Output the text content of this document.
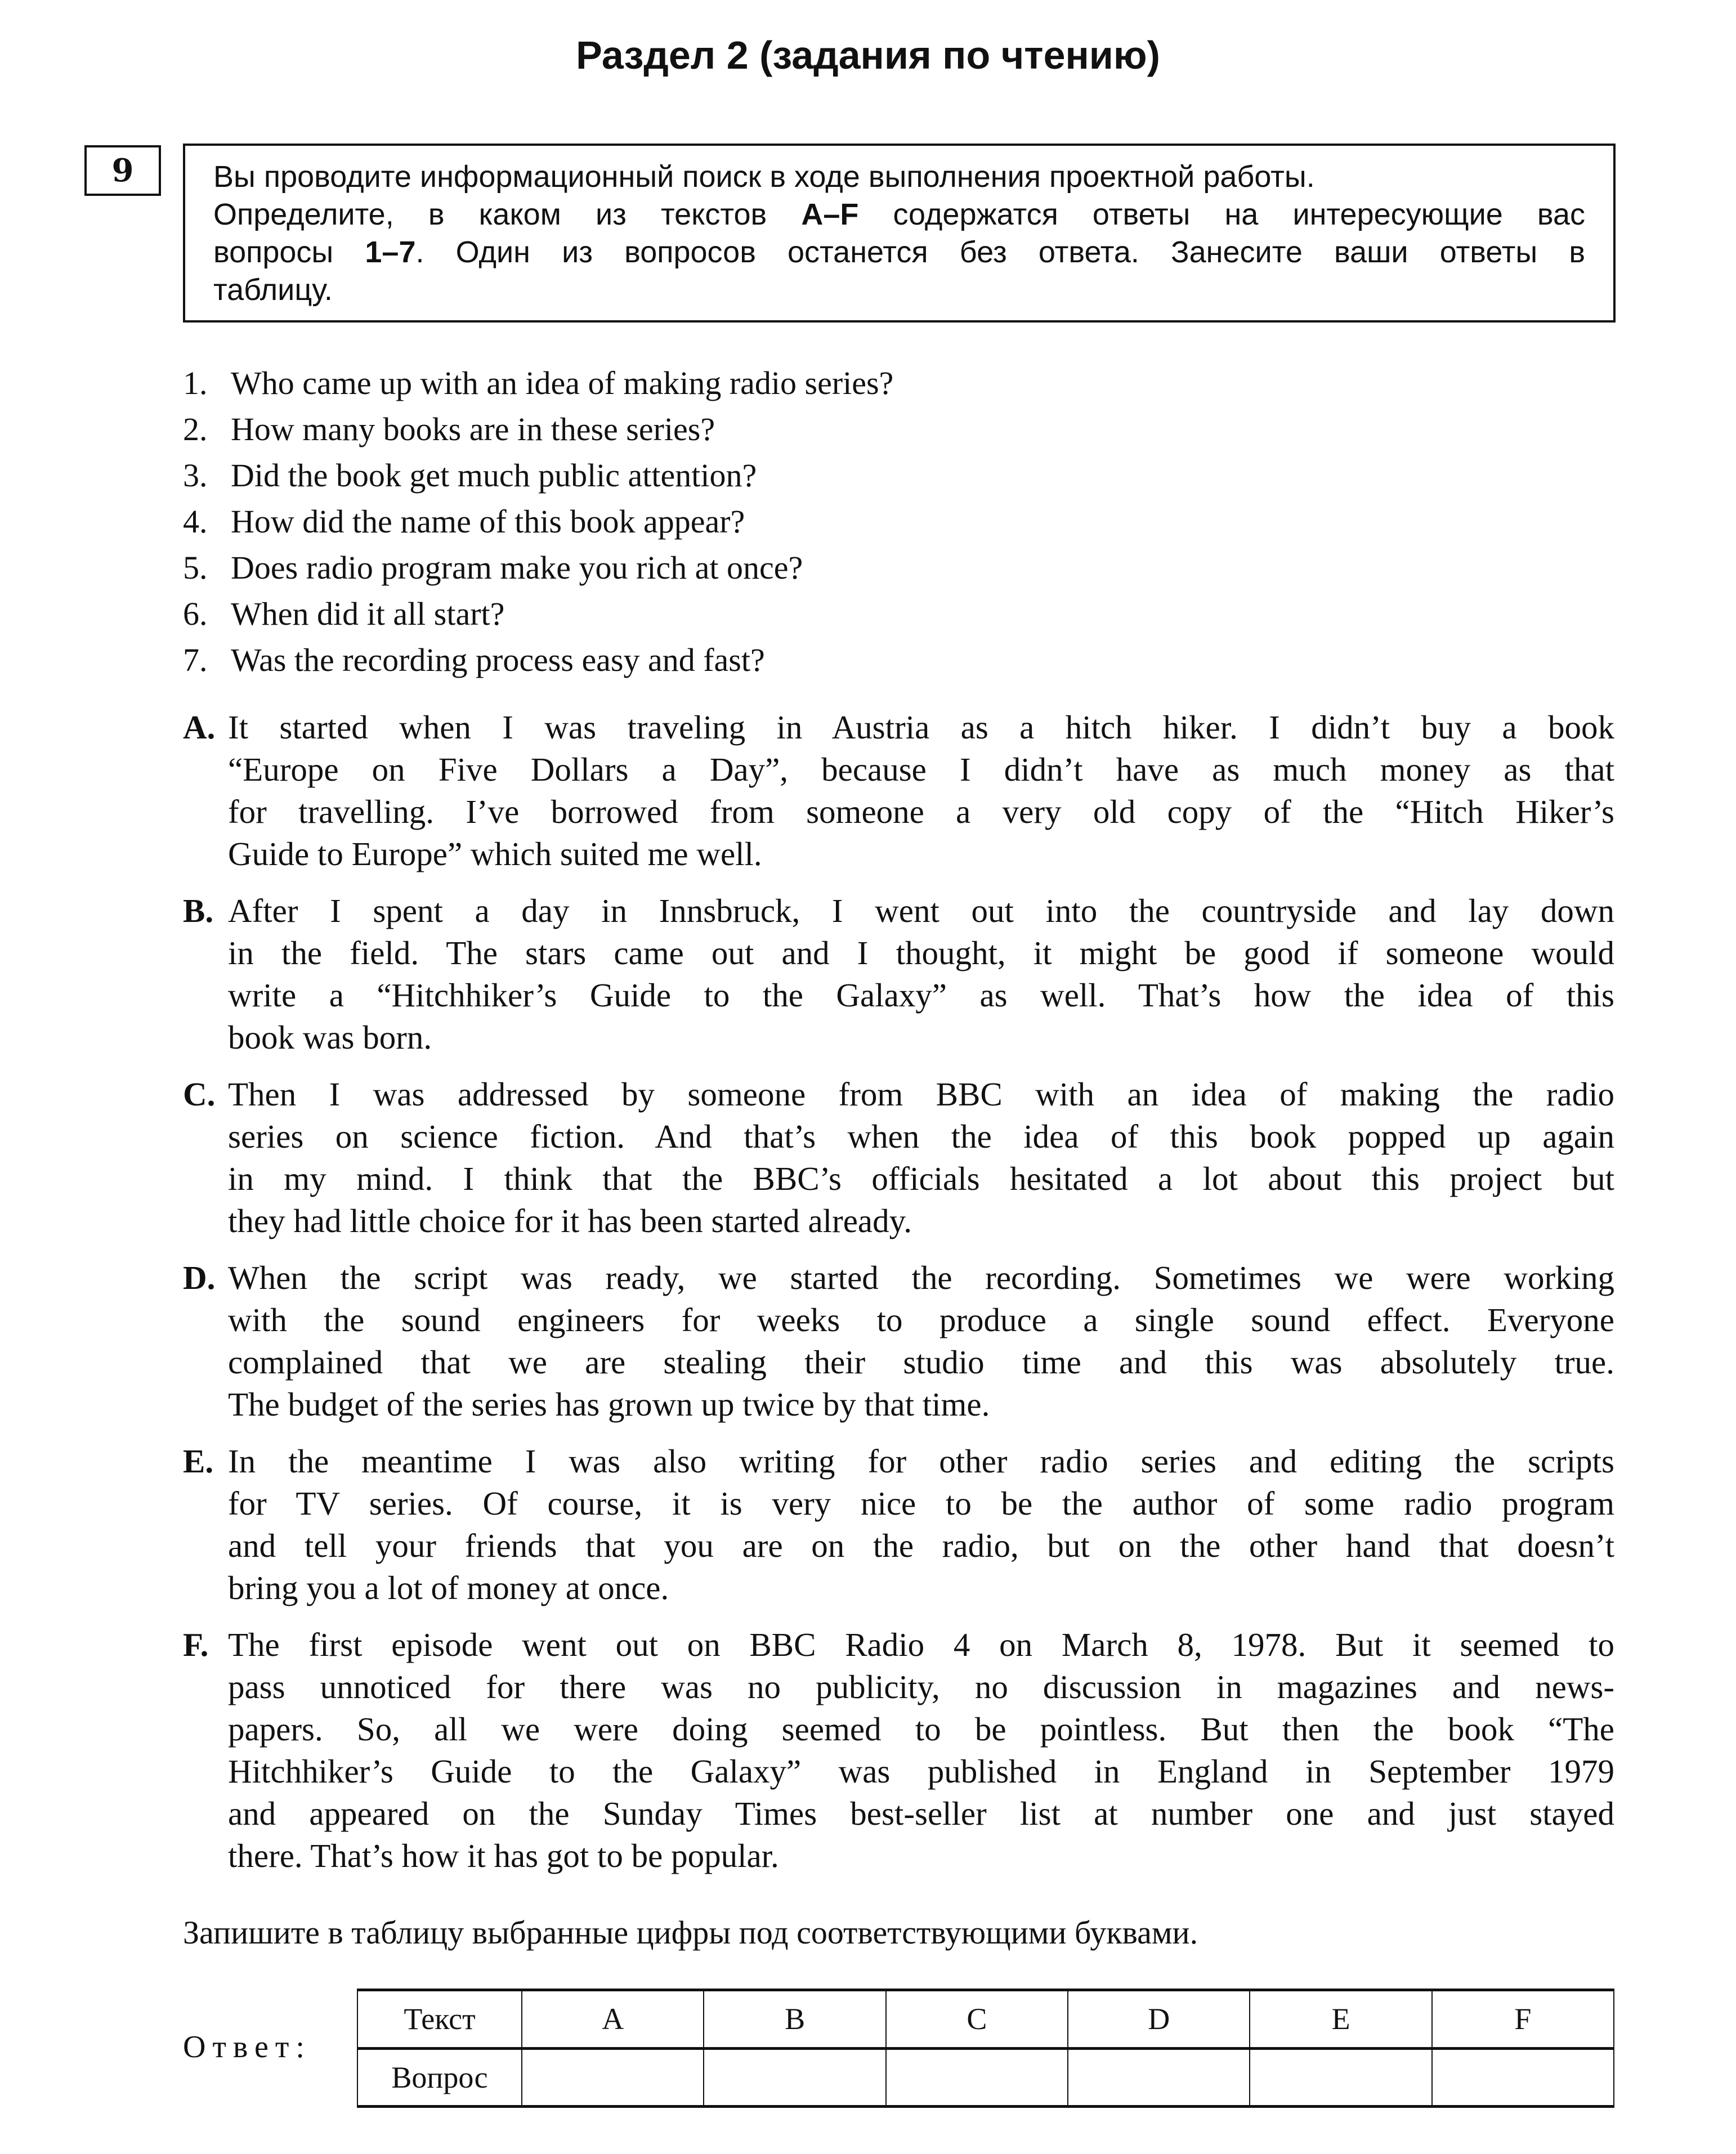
Раздел 2 (задания по чтению)
9	Вы проводите информационный поиск в ходе выполнения проектной работы.
Определите, в каком из текстов A–F содержатся ответы на интересующие вас
вопросы 1–7. Один из вопросов останется без ответа. Занесите ваши ответы в
таблицу.
1. Who came up with an idea of making radio series?
2. How many books are in these series?
3. Did the book get much public attention?
4. How did the name of this book appear?
5. Does radio program make you rich at once?
6. When did it all start?
7. Was the recording process easy and fast?
A. It started when I was traveling in Austria as a hitch hiker. I didn’t buy a book
“Europe on Five Dollars a Day”, because I didn’t have as much money as that
for travelling. I’ve borrowed from someone a very old copy of the “Hitch Hiker’s
Guide to Europe” which suited me well.
B. After I spent a day in Innsbruck, I went out into the countryside and lay down
in the field. The stars came out and I thought, it might be good if someone would
write a “Hitchhiker’s Guide to the Galaxy” as well. That’s how the idea of this
book was born.
C. Then I was addressed by someone from BBC with an idea of making the radio
series on science fiction. And that’s when the idea of this book popped up again
in my mind. I think that the BBC’s officials hesitated a lot about this project but
they had little choice for it has been started already.
D. When the script was ready, we started the recording. Sometimes we were working
with the sound engineers for weeks to produce a single sound effect. Everyone
complained that we are stealing their studio time and this was absolutely true.
The budget of the series has grown up twice by that time.
E. In the meantime I was also writing for other radio series and editing the scripts
for TV series. Of course, it is very nice to be the author of some radio program
and tell your friends that you are on the radio, but on the other hand that doesn’t
bring you a lot of money at once.
F. The first episode went out on BBC Radio 4 on March 8, 1978. But it seemed to
pass unnoticed for there was no publicity, no discussion in magazines and news-
papers. So, all we were doing seemed to be pointless. But then the book “The
Hitchhiker’s Guide to the Galaxy” was published in England in September 1979
and appeared on the Sunday Times best-seller list at number one and just stayed
there. That’s how it has got to be popular.
Запишите в таблицу выбранные цифры под соответствующими буквами.
Ответ:
Текст	A	B	C	D	E	F
Вопрос						
